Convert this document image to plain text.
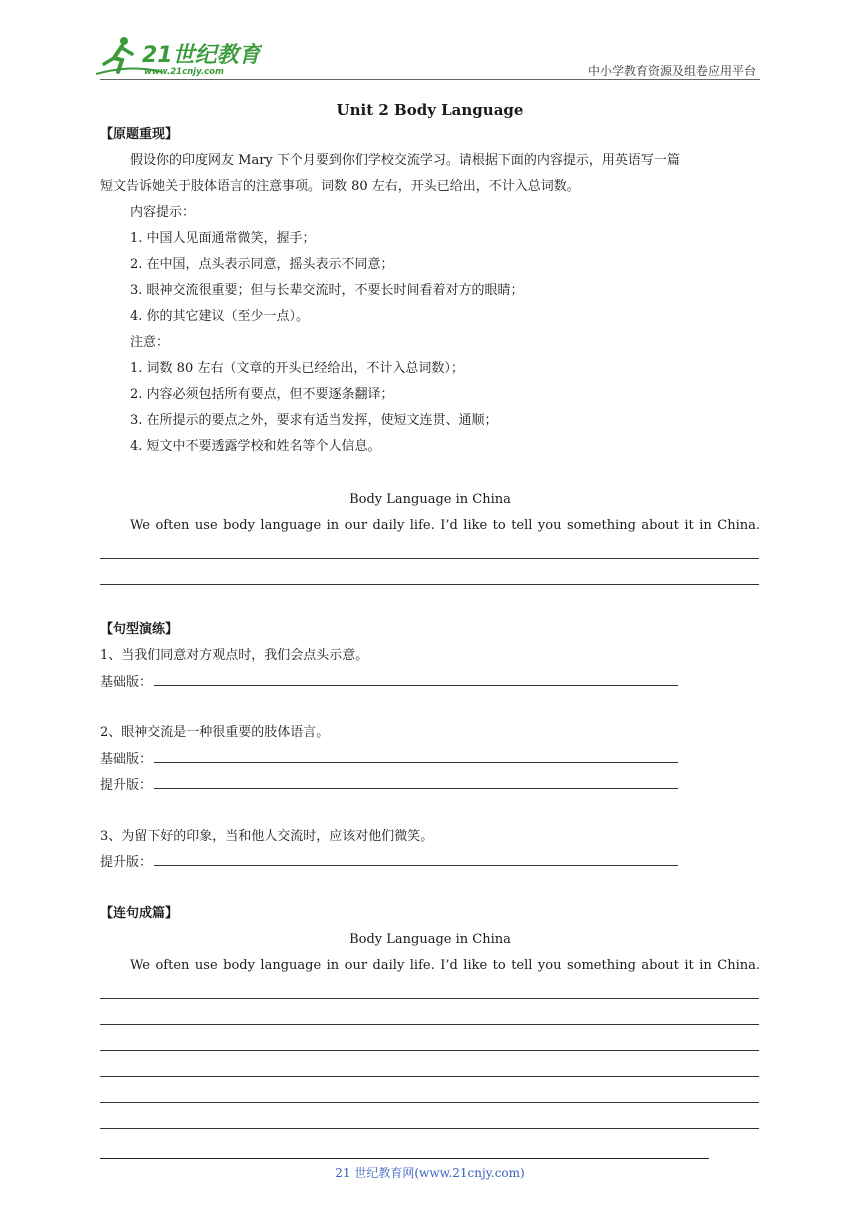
21世纪教育
www.21cnjy.com	中小学教育资源及组卷应用平台
Unit 2 Body Language
【原题重现】
假设你的印度网友 Mary 下个月要到你们学校交流学习。请根据下面的内容提示，用英语写一篇
短文告诉她关于肢体语言的注意事项。词数 80 左右，开头已给出，不计入总词数。
内容提示：
1. 中国人见面通常微笑，握手；
2. 在中国，点头表示同意，摇头表示不同意；
3. 眼神交流很重要；但与长辈交流时，不要长时间看着对方的眼睛；
4. 你的其它建议（至少一点）。
注意：
1. 词数 80 左右（文章的开头已经给出，不计入总词数）；
2. 内容必须包括所有要点，但不要逐条翻译；
3. 在所提示的要点之外，要求有适当发挥，使短文连贯、通顺；
4. 短文中不要透露学校和姓名等个人信息。
Body Language in China
We often use body language in our daily life. I’d like to tell you something about it in China.
【句型演练】
1、当我们同意对方观点时，我们会点头示意。
基础版：
2、眼神交流是一种很重要的肢体语言。
基础版：
提升版：
3、为留下好的印象，当和他人交流时，应该对他们微笑。
提升版：
【连句成篇】
Body Language in China
We often use body language in our daily life. I’d like to tell you something about it in China.
21 世纪教育网(www.21cnjy.com)
